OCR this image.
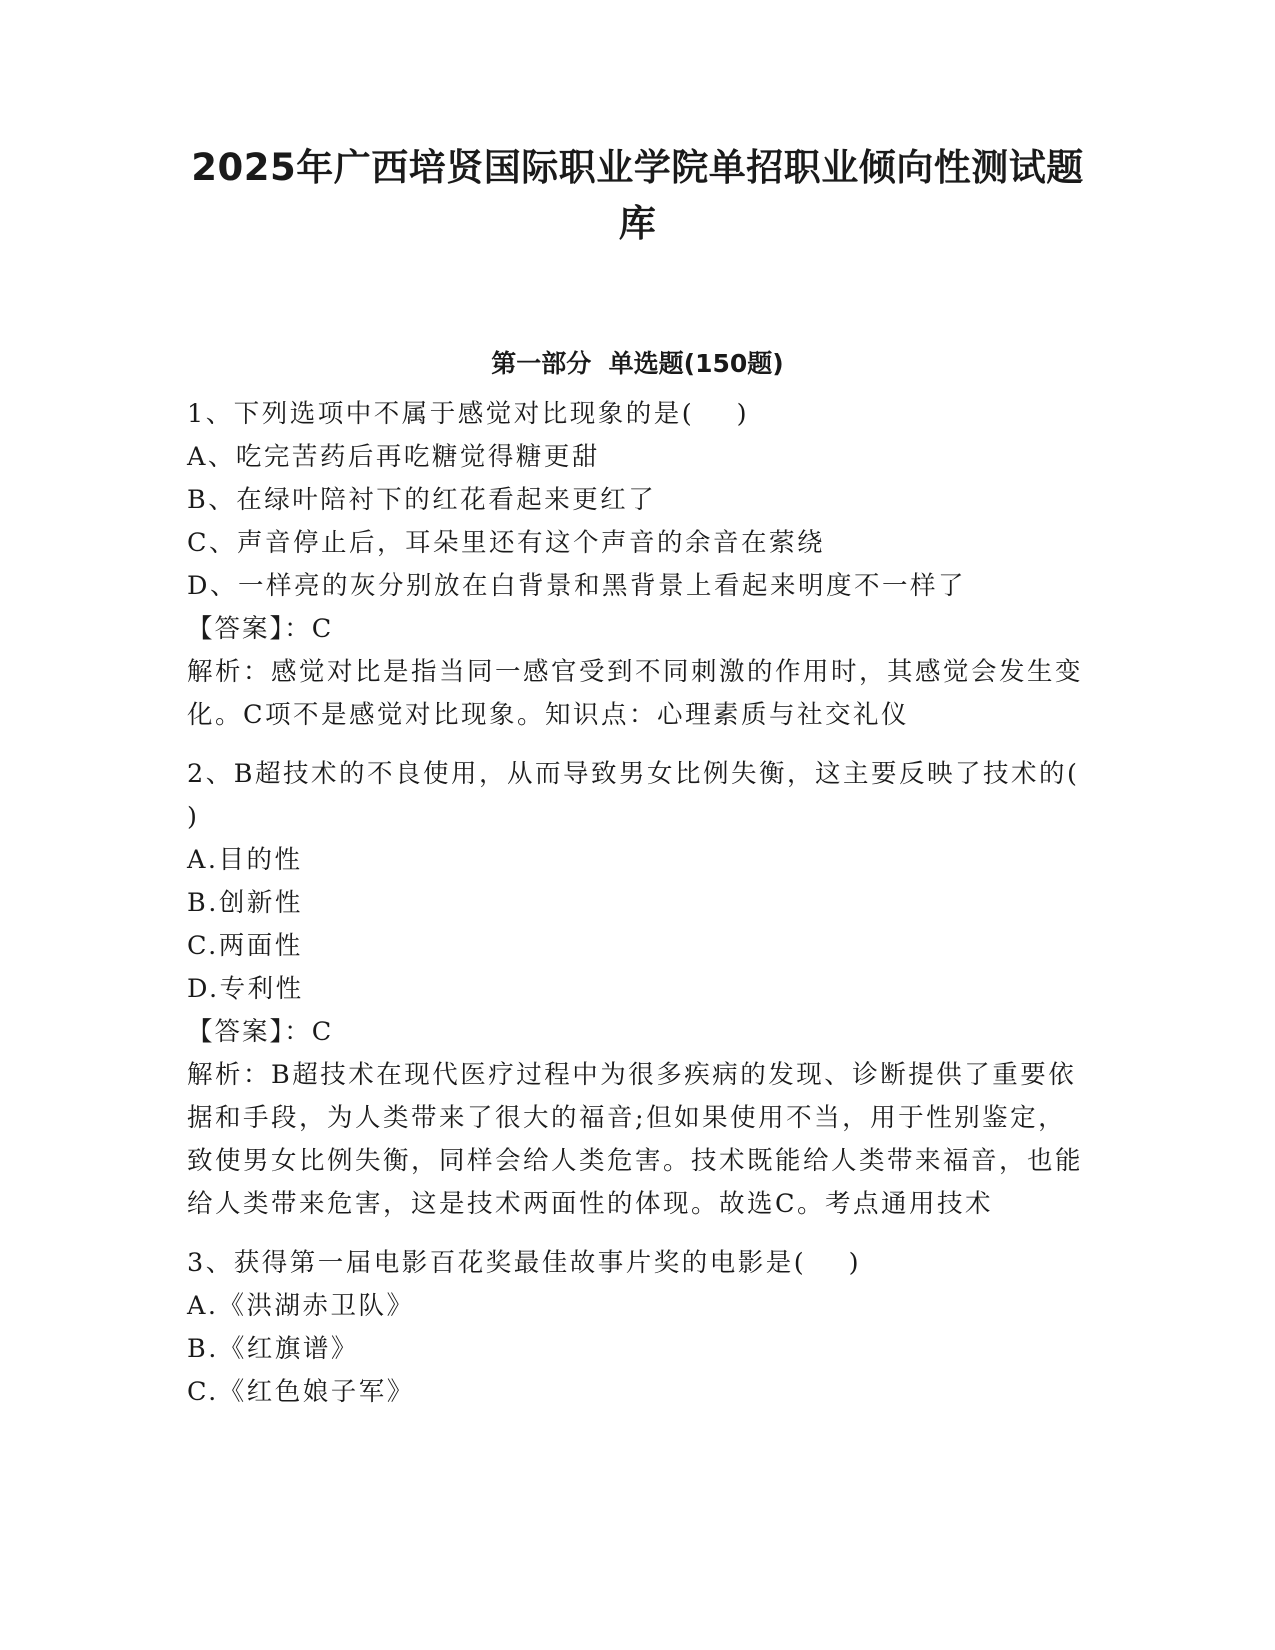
2025年广西培贤国际职业学院单招职业倾向性测试题
库
第一部分  单选题(150题)

1、下列选项中不属于感觉对比现象的是(    )

A、吃完苦药后再吃糖觉得糖更甜

B、在绿叶陪衬下的红花看起来更红了

C、声音停止后，耳朵里还有这个声音的余音在萦绕

D、一样亮的灰分别放在白背景和黑背景上看起来明度不一样了

【答案】：C

解析：感觉对比是指当同一感官受到不同刺激的作用时，其感觉会发生变化。C项不是感觉对比现象。知识点：心理素质与社交礼仪

2、B超技术的不良使用，从而导致男女比例失衡，这主要反映了技术的(    )

A.目的性

B.创新性

C.两面性

D.专利性

【答案】：C

解析：B超技术在现代医疗过程中为很多疾病的发现、诊断提供了重要依据和手段，为人类带来了很大的福音;但如果使用不当，用于性别鉴定，致使男女比例失衡，同样会给人类危害。技术既能给人类带来福音，也能给人类带来危害，这是技术两面性的体现。故选C。考点通用技术

3、获得第一届电影百花奖最佳故事片奖的电影是(    )

A.《洪湖赤卫队》

B.《红旗谱》

C.《红色娘子军》
